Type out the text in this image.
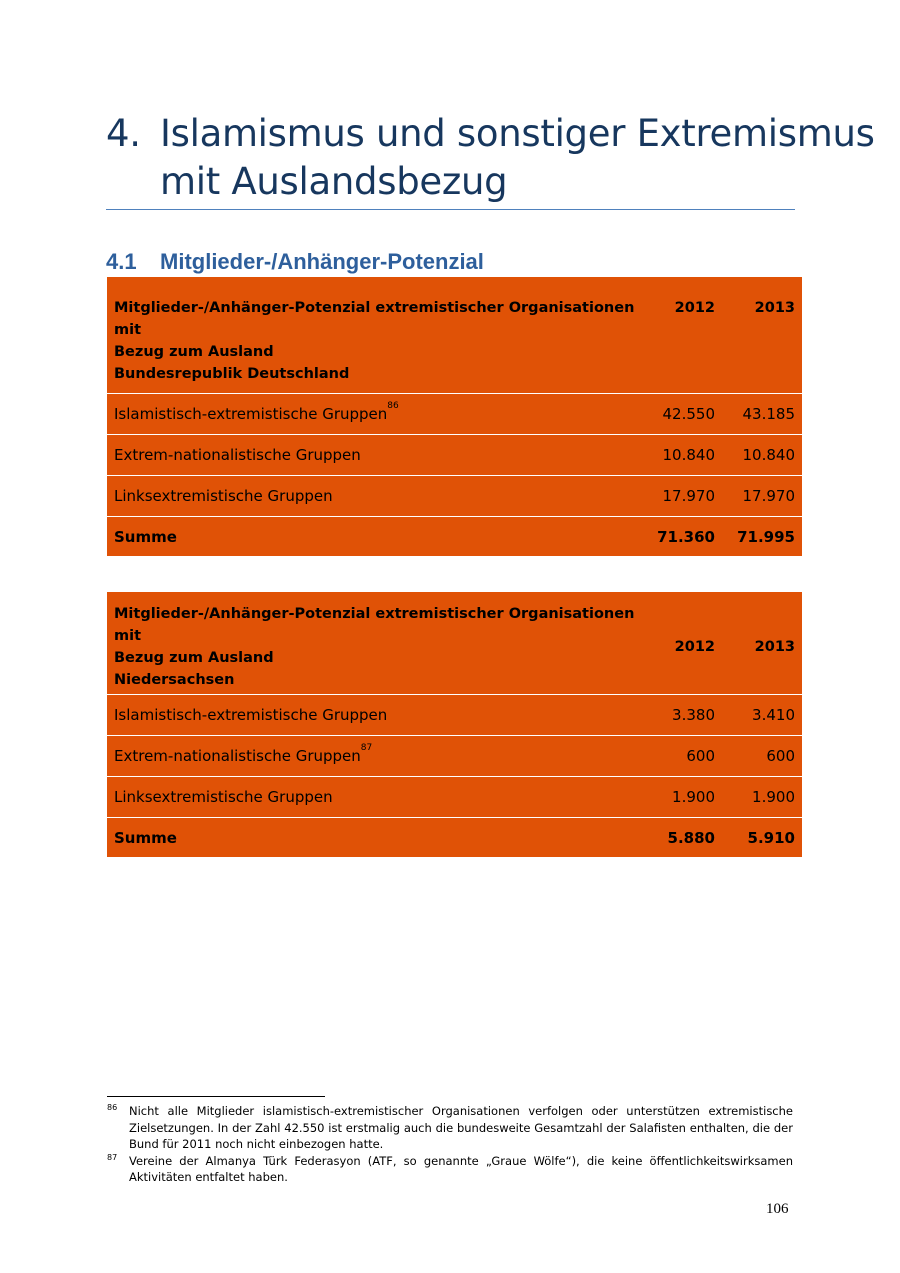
4. Islamismus und sonstiger Extremismus
mit Auslandsbezug
4.1 Mitglieder-/Anhänger-Potenzial
Mitglieder-/Anhänger-Potenzial extremistischer Organisationen mit
Bezug zum Ausland
Bundesrepublik Deutschland	2012	2013
Islamistisch-extremistische Gruppen$^{86}$	42.550	43.185
Extrem-nationalistische Gruppen	10.840	10.840
Linksextremistische Gruppen	17.970	17.970
Summe	71.360	71.995
Mitglieder-/Anhänger-Potenzial extremistischer Organisationen mit
Bezug zum Ausland
Niedersachsen	2012	2013
Islamistisch-extremistische Gruppen	3.380	3.410
Extrem-nationalistische Gruppen$^{87}$	600	600
Linksextremistische Gruppen	1.900	1.900
Summe	5.880	5.910
86 Nicht alle Mitglieder islamistisch-extremistischer Organisationen verfolgen oder unterstützen extremistische Zielsetzungen. In der Zahl 42.550 ist erstmalig auch die bundesweite Gesamtzahl der Salafisten enthalten, die der Bund für 2011 noch nicht einbezogen hatte.
87 Vereine der Almanya Türk Federasyon (ATF, so genannte „Graue Wölfe“), die keine öffentlichkeitswirksamen Aktivitäten entfaltet haben.
106
